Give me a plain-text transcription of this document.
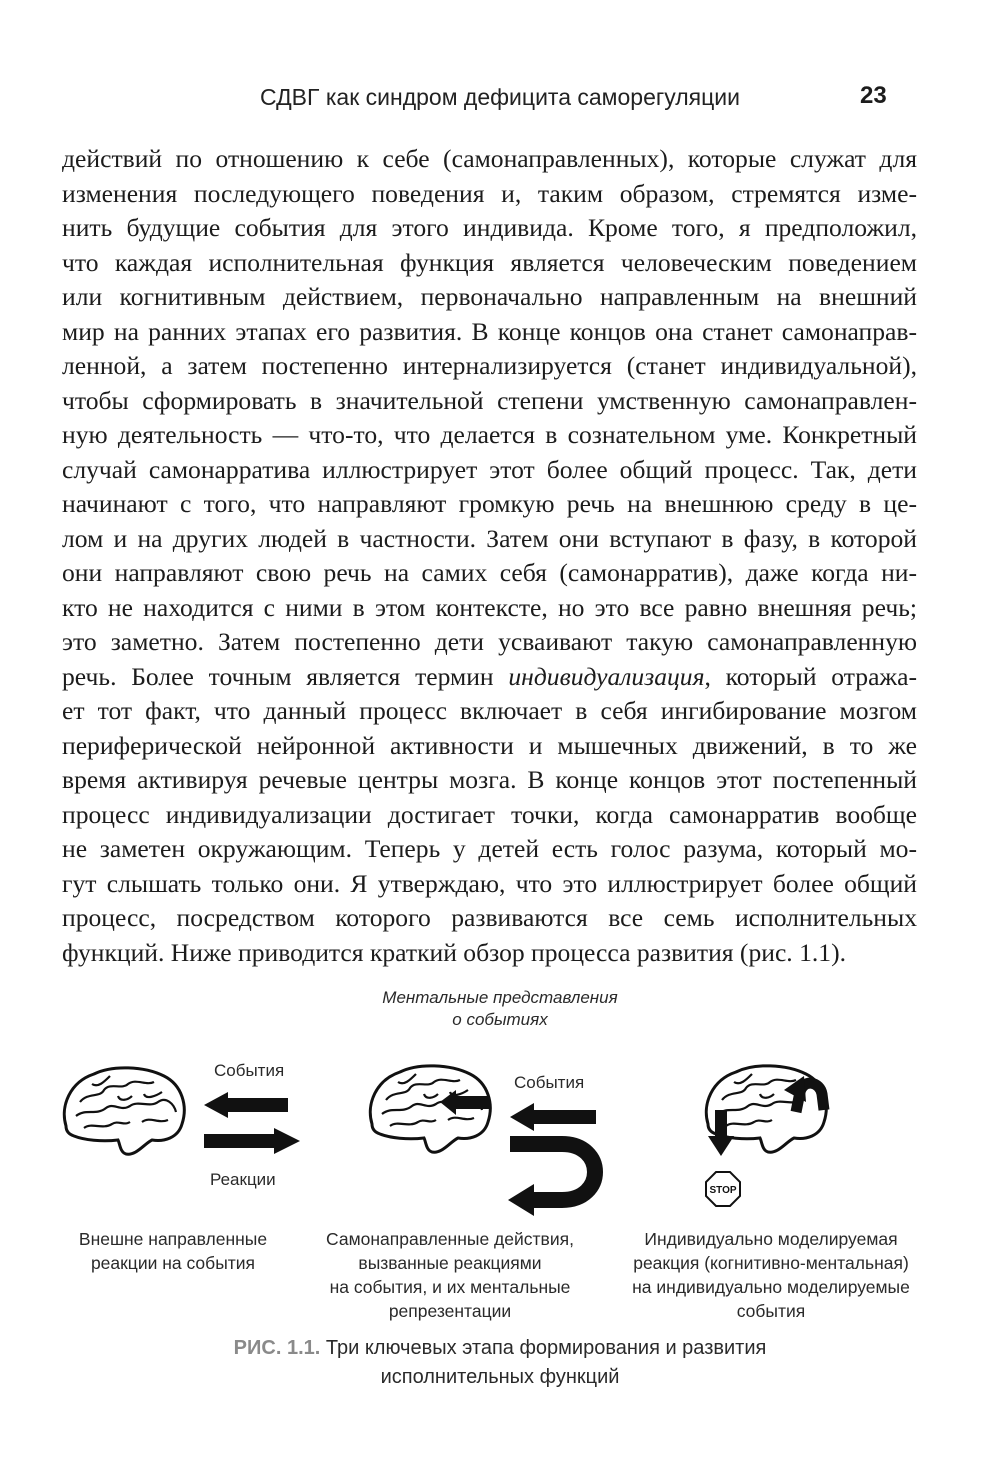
СДВГ как синдром дефицита саморегуляции	23
действий по отношению к себе (самонаправленных), которые служат для
изменения последующего поведения и, таким образом, стремятся изме-
нить будущие события для этого индивида. Кроме того, я предположил,
что каждая исполнительная функция является человеческим поведением
или когнитивным действием, первоначально направленным на внешний
мир на ранних этапах его развития. В конце концов она станет самонаправ-
ленной, а затем постепенно интернализируется (станет индивидуальной),
чтобы сформировать в значительной степени умственную самонаправлен-
ную деятельность — что-то, что делается в сознательном уме. Конкретный
случай самонарратива иллюстрирует этот более общий процесс. Так, дети
начинают с того, что направляют громкую речь на внешнюю среду в це-
лом и на других людей в частности. Затем они вступают в фазу, в которой
они направляют свою речь на самих себя (самонарратив), даже когда ни-
кто не находится с ними в этом контексте, но это все равно внешняя речь;
это заметно. Затем постепенно дети усваивают такую самонаправленную
речь. Более точным является термин индивидуализация, который отража-
ет тот факт, что данный процесс включает в себя ингибирование мозгом
периферической нейронной активности и мышечных движений, в то же
время активируя речевые центры мозга. В конце концов этот постепенный
процесс индивидуализации достигает точки, когда самонарратив вообще
не заметен окружающим. Теперь у детей есть голос разума, который мо-
гут слышать только они. Я утверждаю, что это иллюстрирует более общий
процесс, посредством которого развиваются все семь исполнительных
функций. Ниже приводится краткий обзор процесса развития (рис. 1.1).
Ментальные представления
о событиях
События
Реакции
Внешне направленные
реакции на события
События
Самонаправленные действия,
вызванные реакциями
на события, и их ментальные
репрезентации
STOP
Индивидуально моделируемая
реакция (когнитивно-ментальная)
на индивидуально моделируемые
события
РИС. 1.1. Три ключевых этапа формирования и развития
исполнительных функций
